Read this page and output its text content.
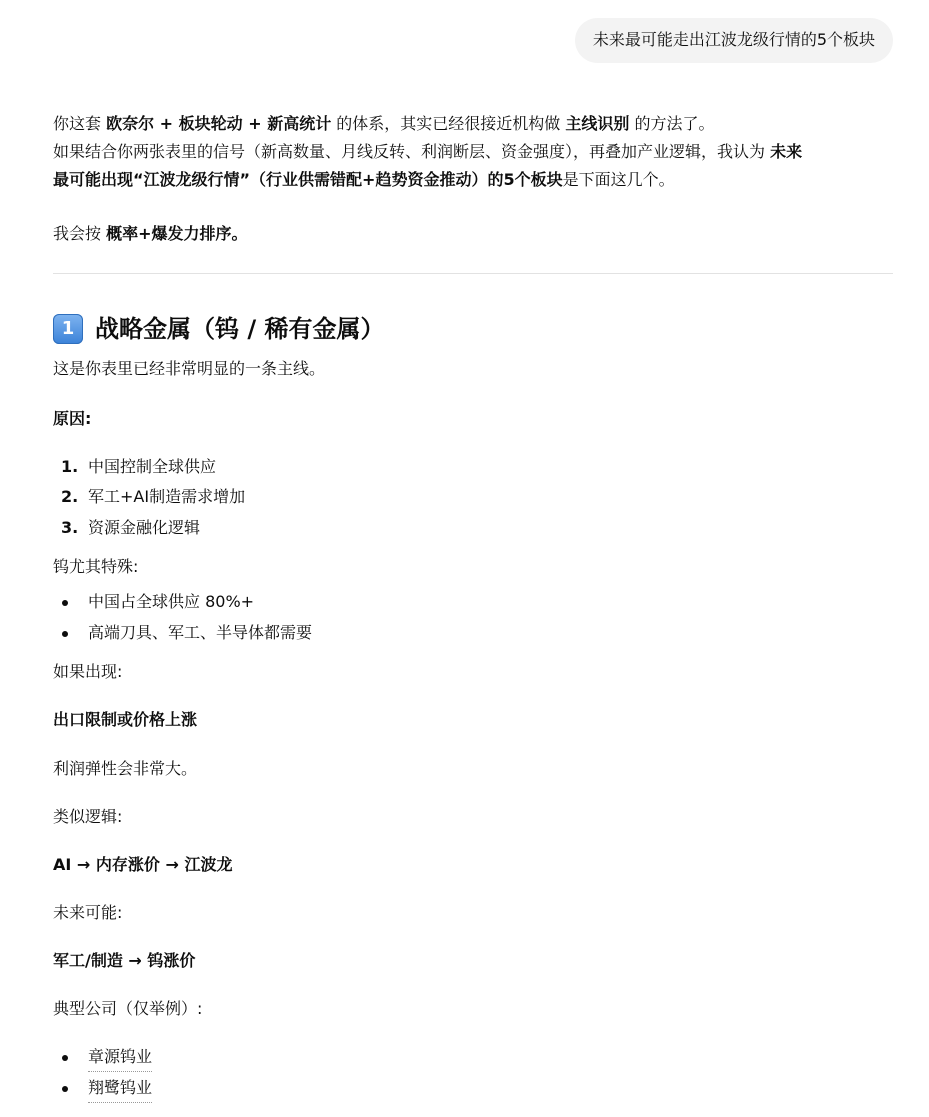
未来最可能走出江波龙级行情的5个板块

你这套 欧奈尔 + 板块轮动 + 新高统计 的体系，其实已经很接近机构做 主线识别 的方法了。

如果结合你两张表里的信号（新高数量、月线反转、利润断层、资金强度），再叠加产业逻辑，我认为 未来

最可能出现“江波龙级行情”（行业供需错配+趋势资金推动）的5个板块是下面这几个。

我会按 概率+爆发力排序。
1 战略金属（钨 / 稀有金属）
这是你表里已经非常明显的一条主线。
原因:
1. 中国控制全球供应
2. 军工+AI制造需求增加
3. 资源金融化逻辑
钨尤其特殊:
中国占全球供应 80%+
高端刀具、军工、半导体都需要
如果出现:
出口限制或价格上涨
利润弹性会非常大。
类似逻辑:
AI → 内存涨价 → 江波龙
未来可能:
军工/制造 → 钨涨价
典型公司（仅举例）:
章源钨业
翔鹭钨业
